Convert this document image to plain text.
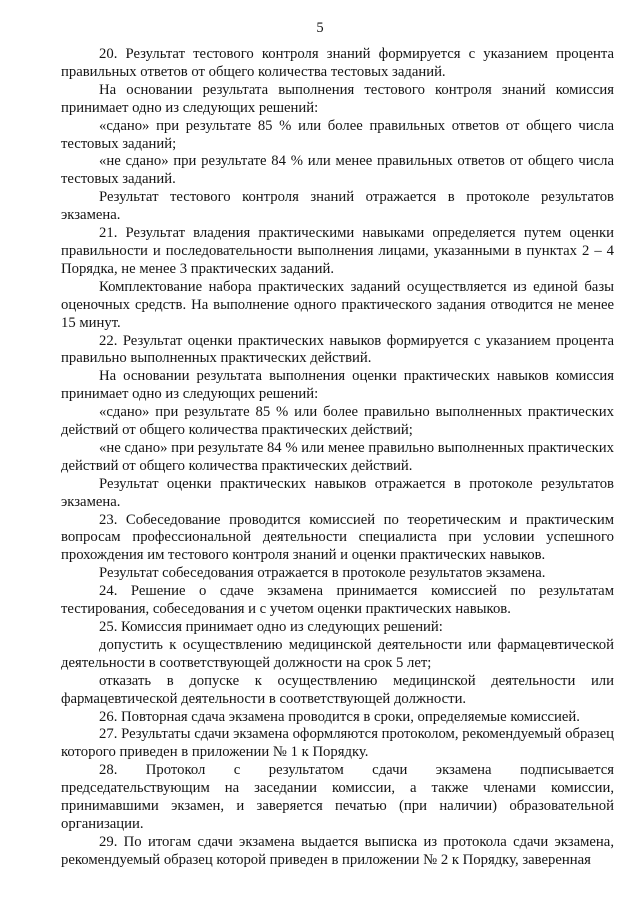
5

20. Результат тестового контроля знаний формируется с указанием процента правильных ответов от общего количества тестовых заданий.

На основании результата выполнения тестового контроля знаний комиссия принимает одно из следующих решений:

«сдано» при результате 85 % или более правильных ответов от общего числа тестовых заданий;

«не сдано» при результате 84 % или менее правильных ответов от общего числа тестовых заданий.

Результат тестового контроля знаний отражается в протоколе результатов экзамена.

21. Результат владения практическими навыками определяется путем оценки правильности и последовательности выполнения лицами, указанными в пунктах 2 – 4 Порядка, не менее 3 практических заданий.

Комплектование набора практических заданий осуществляется из единой базы оценочных средств. На выполнение одного практического задания отводится не менее 15 минут.

22. Результат оценки практических навыков формируется с указанием процента правильно выполненных практических действий.

На основании результата выполнения оценки практических навыков комиссия принимает одно из следующих решений:

«сдано» при результате 85 % или более правильно выполненных практических действий от общего количества практических действий;

«не сдано» при результате 84 % или менее правильно выполненных практических действий от общего количества практических действий.

Результат оценки практических навыков отражается в протоколе результатов экзамена.

23. Собеседование проводится комиссией по теоретическим и практическим вопросам профессиональной деятельности специалиста при условии успешного прохождения им тестового контроля знаний и оценки практических навыков.

Результат собеседования отражается в протоколе результатов экзамена.

24. Решение о сдаче экзамена принимается комиссией по результатам тестирования, собеседования и с учетом оценки практических навыков.

25. Комиссия принимает одно из следующих решений:

допустить к осуществлению медицинской деятельности или фармацевтической деятельности в соответствующей должности на срок 5 лет;

отказать в допуске к осуществлению медицинской деятельности или фармацевтической деятельности в соответствующей должности.

26. Повторная сдача экзамена проводится в сроки, определяемые комиссией.

27. Результаты сдачи экзамена оформляются протоколом, рекомендуемый образец которого приведен в приложении № 1 к Порядку.

28. Протокол с результатом сдачи экзамена подписывается председательствующим на заседании комиссии, а также членами комиссии, принимавшими экзамен, и заверяется печатью (при наличии) образовательной организации.

29. По итогам сдачи экзамена выдается выписка из протокола сдачи экзамена, рекомендуемый образец которой приведен в приложении № 2 к Порядку, заверенная
